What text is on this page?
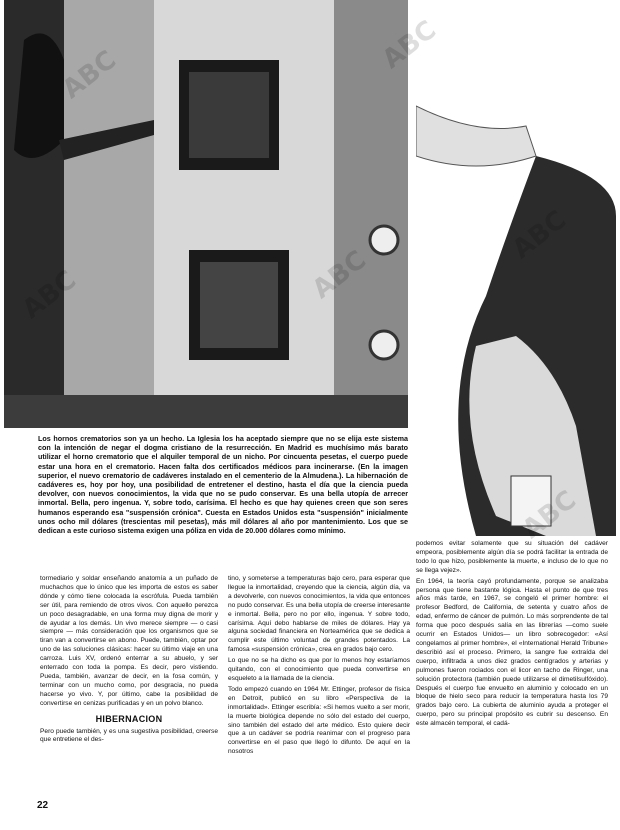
ABC

Los hornos crematorios son ya un hecho. La Iglesia los ha aceptado siempre que no se elija este sistema con la intención de negar el dogma cristiano de la resurrección. En Madrid es muchísimo más barato utilizar el horno crematorio que el alquiler temporal de un nicho. Por cincuenta pesetas, el cuerpo puede estar una hora en el crematorio. Hacen falta dos certificados médicos para incinerarse. (En la imagen superior, el nuevo crematorio de cadáveres instalado en el cementerio de la Almudena.). La hibernación de cadáveres es, hoy por hoy, una posibilidad de entretener el destino, hasta el día que la ciencia pueda devolver, con nuevos conocimientos, la vida que no se pudo conservar. Es una bella utopía de arrecer inmortal. Bella, pero ingenua. Y, sobre todo, carísima. El hecho es que hay quienes creen que son seres humanos esperando esa "suspensión crónica". Cuesta en Estados Unidos esta "suspensión" inicialmente unos ocho mil dólares (trescientas mil pesetas), más mil dólares al año por mantenimiento. Los que se dedican a este curioso sistema exigen una póliza en vida de 20.000 dólares como mínimo.

tormediario y soldar enseñando anatomía a un puñado de muchachos que lo único que les importa de estos es saber dónde y cómo tiene colocada la escrófula. Pueda también ser útil, para remiendo de otros vivos. Con aquello perezca un poco desagradable, en una forma muy digna de morir y de ayudar a los demás. Un vivo merece siempre — o casi siempre — más consideración que los organismos que se tiran van a convertirse en abono. Puede, también, optar por uno de las soluciones clásicas: hacer su último viaje en una carroza. Luis XV, ordenó enterrar a su abuelo, y ser enterrado con toda la pompa. Es decir, pero vistiendo. Pueda, también, avanzar de decir, en la fosa común, y terminar con un mucho como, por desgracia, no pueda hacerse yo vivo. Y, por último, cabe la posibilidad de convertirse en cenizas purificadas y en un polvo blanco.

HIBERNACION

Pero puede también, y es una sugestiva posibilidad, creerse que entretiene el des-

tino, y someterse a temperaturas bajo cero, para esperar que llegue la inmortalidad, creyendo que la ciencia, algún día, va a devolverle, con nuevos conocimientos, la vida que entonces no pudo conservar. Es una bella utopía de creerse interesante e inmortal. Bella, pero no por ello, ingenua. Y sobre todo, carísima. Aquí debo hablarse de miles de dólares. Hay ya alguna sociedad financiera en Norteamérica que se dedica a cumplir este último voluntad de grandes potentados. La famosa «suspensión crónica», crea en grados bajo cero.

Lo que no se ha dicho es que por lo menos hoy estaríamos quitando, con el conocimiento que pueda convertirse en esqueleto a la llamada de la ciencia.

Todo empezó cuando en 1964 Mr. Ettinger, profesor de física en Detroit, publicó en su libro «Perspectiva de la inmortalidad». Ettinger escribía: «Si hemos vuelto a ser morir, la muerte biológica depende no sólo del estado del cuerpo, sino también del estado del arte médico. Esto quiere decir que a un cadáver se podría reanimar con el progreso para convertirse en el paso que llegó lo difunto. De aquí en la nosotros

podemos evitar solamente que su situación del cadáver empeora, posiblemente algún día se podrá facilitar la entrada de todo lo que hizo, posiblemente la muerte, e incluso de lo que no se llega vejez».

En 1964, la teoría cayó profundamente, porque se analizaba persona que tiene bastante lógica. Hasta el punto de que tres años más tarde, en 1967, se congeló el primer hombre: el profesor Bedford, de California, de setenta y cuatro años de edad, enfermo de cáncer de pulmón. Lo más sorprendente de tal forma que poco después salía en las librerías —como suele ocurrir en Estados Unidos— un libro sobrecogedor: «Así congelamos al primer hombre», el «International Herald Tribune» describió así el proceso. Primero, la sangre fue extraída del cuerpo, infiltrada a unos diez grados centígrados y arterias y pulmones fueron rociados con el licor en tacho de Ringer, una solución protectora (también puede utilizarse el dimetilsulfóxido). Después el cuerpo fue envuelto en aluminio y colocado en un bloque de hielo seco para reducir la temperatura hasta los 79 grados bajo cero. La cubierta de aluminio ayuda a proteger el cuerpo, pero su principal propósito es cubrir su descenso. En este almacén temporal, el cadá-

22
